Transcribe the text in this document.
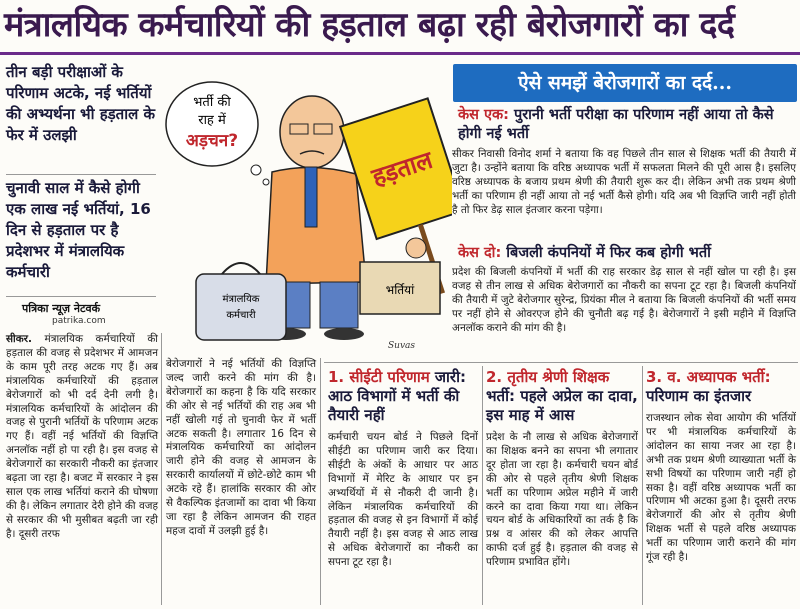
मंत्रालयिक कर्मचारियों की हड़ताल बढ़ा रही बेरोजगारों का दर्द
तीन बड़ी परीक्षाओं के परिणाम अटके, नई भर्तियों की अभ्यर्थना भी हड़ताल के फेर में उलझी
चुनावी साल में कैसे होगी एक लाख नई भर्तियां, 16 दिन से हड़ताल पर है प्रदेशभर में मंत्रालयिक कर्मचारी
पत्रिका न्यूज़ नेटवर्क
patrika.com
सीकर. मंत्रालयिक कर्मचारियों की हड़ताल की वजह से प्रदेशभर में आमजन के काम पूरी तरह अटक गए हैं। अब मंत्रालयिक कर्मचारियों की हड़ताल बेरोजगारों को भी दर्द देनी लगी है। मंत्रालयिक कर्मचारियों के आंदोलन की वजह से पुरानी भर्तियों के परिणाम अटक गए हैं। वहीं नई भर्तियों की विज्ञप्ति अनलॉक नहीं हो पा रही है। इस वजह से बेरोजगारों का सरकारी नौकरी का इंतजार बढ़ता जा रहा है। बजट में सरकार ने इस साल एक लाख भर्तियां कराने की घोषणा की है। लेकिन लगातार देरी होने की वजह से सरकार की भी मुसीबत बढ़ती जा रही है। दूसरी तरफ
भर्ती की
राह में
अड़चन?
हड़ताल
मंत्रालयिक
कर्मचारी
भर्तियां
Suvas
बेरोजगारों ने नई भर्तियों की विज्ञप्ति जल्द जारी करने की मांग की है। बेरोजगारों का कहना है कि यदि सरकार की ओर से नई भर्तियों की राह अब भी नहीं खोली गई तो चुनावी फेर में भर्ती अटक सकती है। लगातार 16 दिन से मंत्रालयिक कर्मचारियों का आंदोलन जारी होने की वजह से आमजन के सरकारी कार्यालयों में छोटे-छोटे काम भी अटके रहे हैं। हालांकि सरकार की ओर से वैकल्पिक इंतजामों का दावा भी किया जा रहा है लेकिन आमजन की राहत महज दावों में उलझी हुई है।
ऐसे समझें बेरोजगारों का दर्द...
केस एक: पुरानी भर्ती परीक्षा का परिणाम नहीं आया तो कैसे होगी नई भर्ती
सीकर निवासी विनोद शर्मा ने बताया कि वह पिछले तीन साल से शिक्षक भर्ती की तैयारी में जुटा है। उन्होंने बताया कि वरिष्ठ अध्यापक भर्ती में सफलता मिलने की पूरी आस है। इसलिए वरिष्ठ अध्यापक के बजाय प्रथम श्रेणी की तैयारी शुरू कर दी। लेकिन अभी तक प्रथम श्रेणी भर्ती का परिणाम ही नहीं आया तो नई भर्ती कैसे होगी। यदि अब भी विज्ञप्ति जारी नहीं होती है तो फिर डेढ़ साल इंतजार करना पड़ेगा।
केस दो: बिजली कंपनियों में फिर कब होगी भर्ती
प्रदेश की बिजली कंपनियों में भर्ती की राह सरकार डेढ़ साल से नहीं खोल पा रही है। इस वजह से तीन लाख से अधिक बेरोजगारों का नौकरी का सपना टूट रहा है। बिजली कंपनियों की तैयारी में जुटे बेरोजगार सुरेन्द्र, प्रियंका मील ने बताया कि बिजली कंपनियों की भर्ती समय पर नहीं होने से ओवरएज होने की चुनौती बढ़ गई है। बेरोजगारों ने इसी महीने में विज्ञप्ति अनलॉक कराने की मांग की है।
1. सीईटी परिणाम जारी: आठ विभागों में भर्ती की तैयारी नहीं
कर्मचारी चयन बोर्ड ने पिछले दिनों सीईटी का परिणाम जारी कर दिया। सीईटी के अंकों के आधार पर आठ विभागों में मेरिट के आधार पर इन अभ्यर्थियों में से नौकरी दी जानी है। लेकिन मंत्रालयिक कर्मचारियों की हड़ताल की वजह से इन विभागों में कोई तैयारी नहीं है। इस वजह से आठ लाख से अधिक बेरोजगारों का नौकरी का सपना टूट रहा है।
2. तृतीय श्रेणी शिक्षक भर्ती: पहले अप्रेल का दावा, इस माह में आस
प्रदेश के नौ लाख से अधिक बेरोजगारों का शिक्षक बनने का सपना भी लगातार दूर होता जा रहा है। कर्मचारी चयन बोर्ड की ओर से पहले तृतीय श्रेणी शिक्षक भर्ती का परिणाम अप्रेल महीने में जारी करने का दावा किया गया था। लेकिन चयन बोर्ड के अधिकारियों का तर्क है कि प्रश्न व आंसर की को लेकर आपत्ति काफी दर्ज हुई है। हड़ताल की वजह से परिणाम प्रभावित होंगे।
3. व. अध्यापक भर्ती: परिणाम का इंतजार
राजस्थान लोक सेवा आयोग की भर्तियों पर भी मंत्रालयिक कर्मचारियों के आंदोलन का साया नजर आ रहा है। अभी तक प्रथम श्रेणी व्याख्याता भर्ती के सभी विषयों का परिणाम जारी नहीं हो सका है। वहीं वरिष्ठ अध्यापक भर्ती का परिणाम भी अटका हुआ है। दूसरी तरफ बेरोजगारों की ओर से तृतीय श्रेणी शिक्षक भर्ती से पहले वरिष्ठ अध्यापक भर्ती का परिणाम जारी कराने की मांग गूंज रही है।
